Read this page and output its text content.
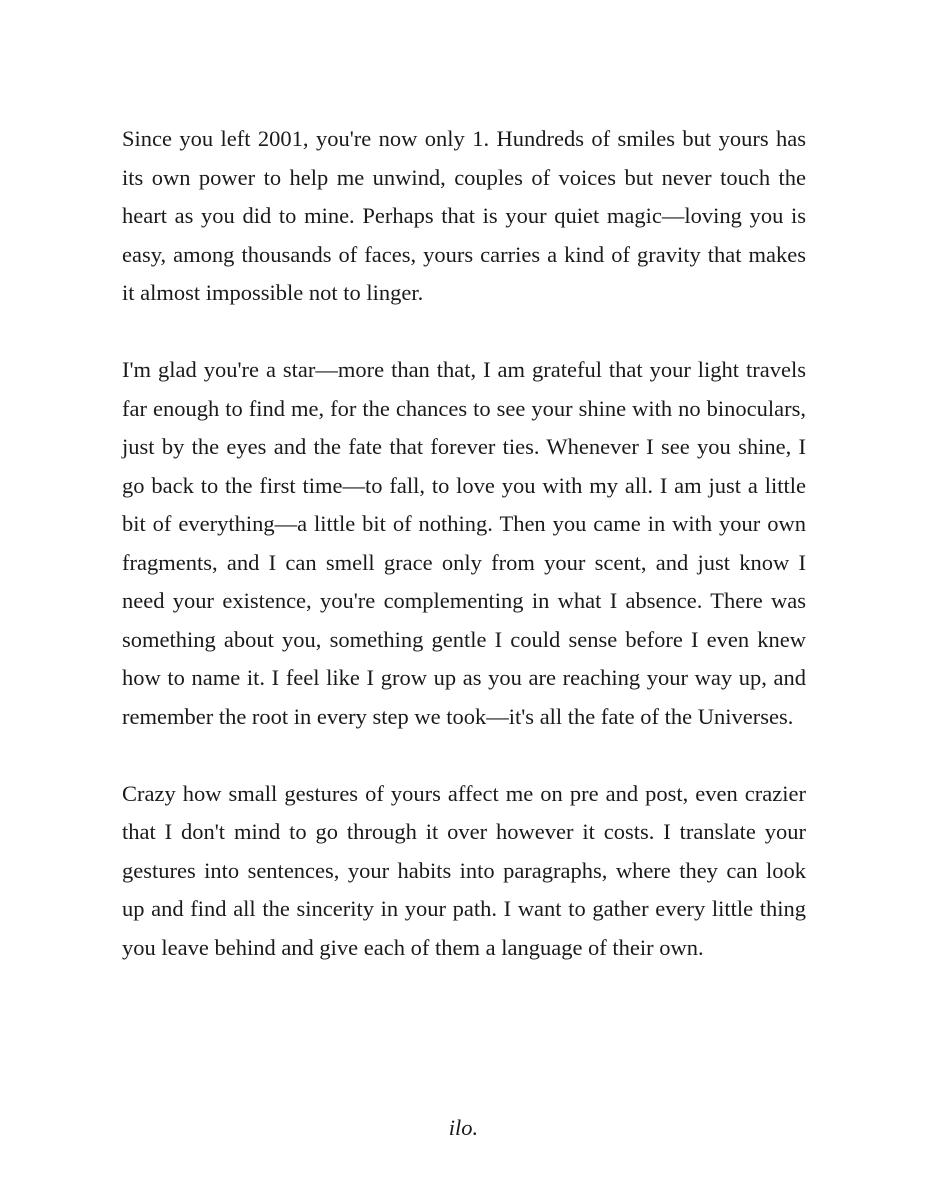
Since you left 2001, you're now only 1. Hundreds of smiles but yours has its own power to help me unwind, couples of voices but never touch the heart as you did to mine. Perhaps that is your quiet magic—loving you is easy, among thousands of faces, yours carries a kind of gravity that makes it almost impossible not to linger.

I'm glad you're a star—more than that, I am grateful that your light travels far enough to find me, for the chances to see your shine with no binoculars, just by the eyes and the fate that forever ties. Whenever I see you shine, I go back to the first time—to fall, to love you with my all. I am just a little bit of everything—a little bit of nothing. Then you came in with your own fragments, and I can smell grace only from your scent, and just know I need your existence, you're complementing in what I absence. There was something about you, something gentle I could sense before I even knew how to name it. I feel like I grow up as you are reaching your way up, and remember the root in every step we took—it's all the fate of the Universes.

Crazy how small gestures of yours affect me on pre and post, even crazier that I don't mind to go through it over however it costs. I translate your gestures into sentences, your habits into paragraphs, where they can look up and find all the sincerity in your path. I want to gather every little thing you leave behind and give each of them a language of their own.

ilo.
